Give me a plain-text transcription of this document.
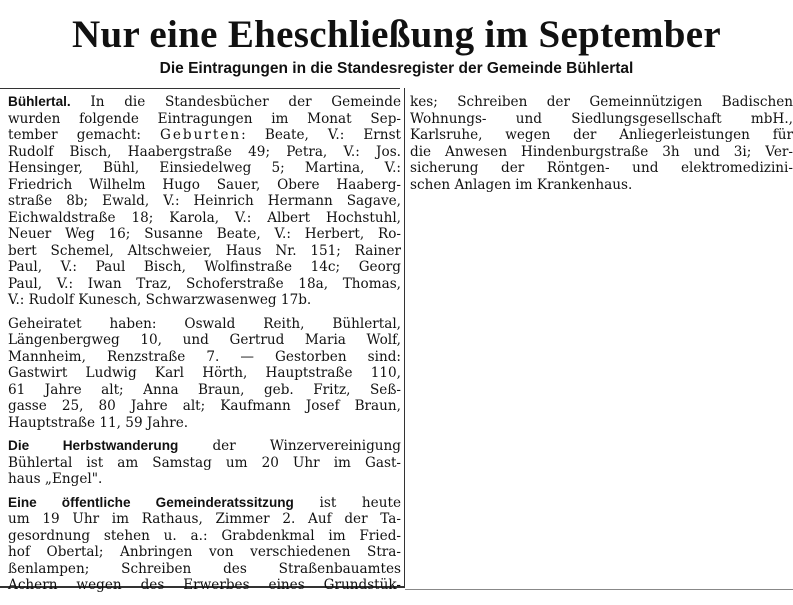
Nur eine Eheschließung im September
Die Eintragungen in die Standesregister der Gemeinde Bühlertal
Bühlertal. In die Standesbücher der Gemeinde
wurden folgende Eintragungen im Monat Sep-
tember gemacht: Geburten: Beate, V.: Ernst
Rudolf Bisch, Haabergstraße 49; Petra, V.: Jos.
Hensinger, Bühl, Einsiedelweg 5; Martina, V.:
Friedrich Wilhelm Hugo Sauer, Obere Haaberg-
straße 8b; Ewald, V.: Heinrich Hermann Sagave,
Eichwaldstraße 18; Karola, V.: Albert Hochstuhl,
Neuer Weg 16; Susanne Beate, V.: Herbert, Ro-
bert Schemel, Altschweier, Haus Nr. 151; Rainer
Paul, V.: Paul Bisch, Wolfinstraße 14c; Georg
Paul, V.: Iwan Traz, Schoferstraße 18a, Thomas,
V.: Rudolf Kunesch, Schwarzwasenweg 17b.
Geheiratet haben: Oswald Reith, Bühlertal,
Längenbergweg 10, und Gertrud Maria Wolf,
Mannheim, Renzstraße 7. — Gestorben sind:
Gastwirt Ludwig Karl Hörth, Hauptstraße 110,
61 Jahre alt; Anna Braun, geb. Fritz, Seß-
gasse 25, 80 Jahre alt; Kaufmann Josef Braun,
Hauptstraße 11, 59 Jahre.
Die Herbstwanderung der Winzervereinigung
Bühlertal ist am Samstag um 20 Uhr im Gast-
haus „Engel".
Eine öffentliche Gemeinderatssitzung ist heute
um 19 Uhr im Rathaus, Zimmer 2. Auf der Ta-
gesordnung stehen u. a.: Grabdenkmal im Fried-
hof Obertal; Anbringen von verschiedenen Stra-
ßenlampen; Schreiben des Straßenbauamtes
Achern wegen des Erwerbes eines Grundstük-
kes; Schreiben der Gemeinnützigen Badischen
Wohnungs- und Siedlungsgesellschaft mbH.,
Karlsruhe, wegen der Anliegerleistungen für
die Anwesen Hindenburgstraße 3h und 3i; Ver-
sicherung der Röntgen- und elektromedizini-
schen Anlagen im Krankenhaus.
